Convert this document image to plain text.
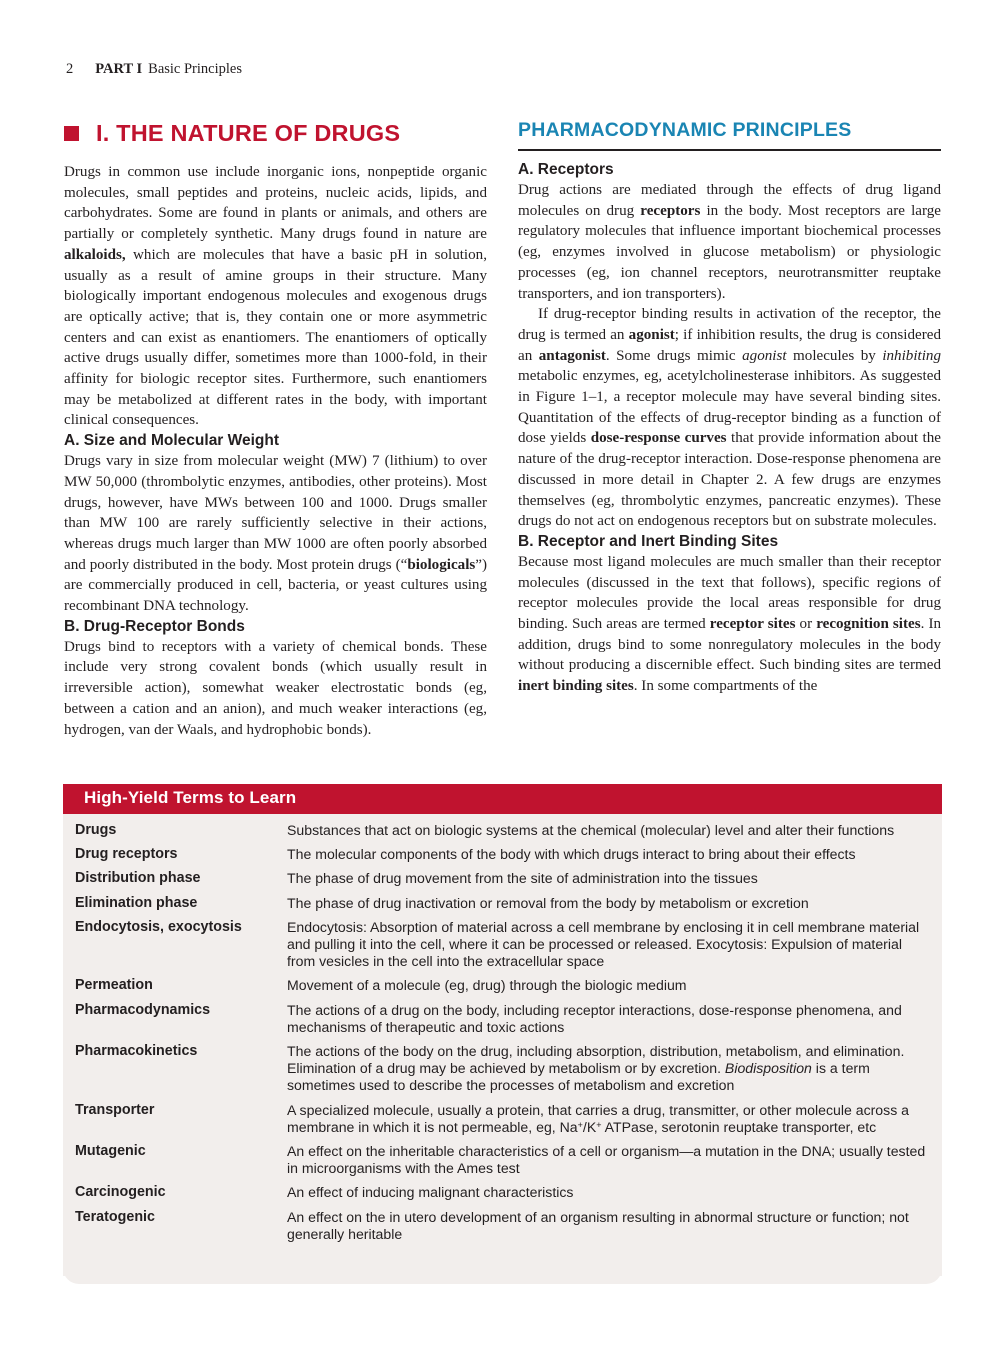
2 PART I Basic Principles
I. THE NATURE OF DRUGS

Drugs in common use include inorganic ions, nonpeptide organic molecules, small peptides and proteins, nucleic acids, lipids, and carbohydrates. Some are found in plants or animals, and others are partially or completely synthetic. Many drugs found in nature are alkaloids, which are molecules that have a basic pH in solution, usually as a result of amine groups in their structure. Many biologically important endogenous molecules and exogenous drugs are optically active; that is, they contain one or more asymmetric centers and can exist as enantiomers. The enantiomers of optically active drugs usually differ, sometimes more than 1000-fold, in their affinity for biologic receptor sites. Furthermore, such enantiomers may be metabolized at different rates in the body, with important clinical consequences.

A. Size and Molecular Weight

Drugs vary in size from molecular weight (MW) 7 (lithium) to over MW 50,000 (thrombolytic enzymes, antibodies, other proteins). Most drugs, however, have MWs between 100 and 1000. Drugs smaller than MW 100 are rarely sufficiently selective in their actions, whereas drugs much larger than MW 1000 are often poorly absorbed and poorly distributed in the body. Most protein drugs (“biologicals”) are commercially produced in cell, bacteria, or yeast cultures using recombinant DNA technology.

B. Drug-Receptor Bonds

Drugs bind to receptors with a variety of chemical bonds. These include very strong covalent bonds (which usually result in irreversible action), somewhat weaker electrostatic bonds (eg, between a cation and an anion), and much weaker interactions (eg, hydrogen, van der Waals, and hydrophobic bonds).

PHARMACODYNAMIC PRINCIPLES
A. Receptors

Drug actions are mediated through the effects of drug ligand molecules on drug receptors in the body. Most receptors are large regulatory molecules that influence important biochemical processes (eg, enzymes involved in glucose metabolism) or physiologic processes (eg, ion channel receptors, neurotransmitter reuptake transporters, and ion transporters).

If drug-receptor binding results in activation of the receptor, the drug is termed an agonist; if inhibition results, the drug is considered an antagonist. Some drugs mimic agonist molecules by inhibiting metabolic enzymes, eg, acetylcholinesterase inhibitors. As suggested in Figure 1–1, a receptor molecule may have several binding sites. Quantitation of the effects of drug-receptor binding as a function of dose yields dose-response curves that provide information about the nature of the drug-receptor interaction. Dose-response phenomena are discussed in more detail in Chapter 2. A few drugs are enzymes themselves (eg, thrombolytic enzymes, pancreatic enzymes). These drugs do not act on endogenous receptors but on substrate molecules.

B. Receptor and Inert Binding Sites

Because most ligand molecules are much smaller than their receptor molecules (discussed in the text that follows), specific regions of receptor molecules provide the local areas responsible for drug binding. Such areas are termed receptor sites or recognition sites. In addition, drugs bind to some nonregulatory molecules in the body without producing a discernible effect. Such binding sites are termed inert binding sites. In some compartments of the

High-Yield Terms to Learn
Drugs	Substances that act on biologic systems at the chemical (molecular) level and alter their functions
Drug receptors	The molecular components of the body with which drugs interact to bring about their effects
Distribution phase	The phase of drug movement from the site of administration into the tissues
Elimination phase	The phase of drug inactivation or removal from the body by metabolism or excretion
Endocytosis, exocytosis	Endocytosis: Absorption of material across a cell membrane by enclosing it in cell membrane material and pulling it into the cell, where it can be processed or released. Exocytosis: Expulsion of material from vesicles in the cell into the extracellular space
Permeation	Movement of a molecule (eg, drug) through the biologic medium
Pharmacodynamics	The actions of a drug on the body, including receptor interactions, dose-response phenomena, and mechanisms of therapeutic and toxic actions
Pharmacokinetics	The actions of the body on the drug, including absorption, distribution, metabolism, and elimination. Elimination of a drug may be achieved by metabolism or by excretion. Biodisposition is a term sometimes used to describe the processes of metabolism and excretion
Transporter	A specialized molecule, usually a protein, that carries a drug, transmitter, or other molecule across a membrane in which it is not permeable, eg, Na+/K+ ATPase, serotonin reuptake transporter, etc
Mutagenic	An effect on the inheritable characteristics of a cell or organism—a mutation in the DNA; usually tested in microorganisms with the Ames test
Carcinogenic	An effect of inducing malignant characteristics
Teratogenic	An effect on the in utero development of an organism resulting in abnormal structure or function; not generally heritable
